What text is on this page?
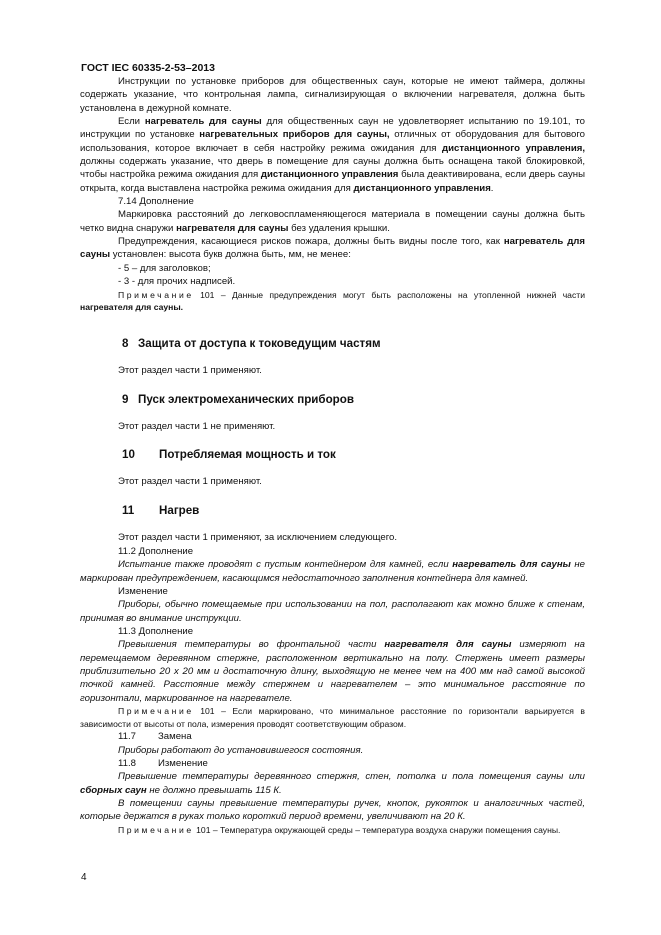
ГОСТ IEC 60335-2-53–2013

Инструкции по установке приборов для общественных саун, которые не имеют таймера, должны содержать указание, что контрольная лампа, сигнализирующая о включении нагревателя, должна быть установлена в дежурной комнате.

Если нагреватель для сауны для общественных саун не удовлетворяет испытанию по 19.101, то инструкции по установке нагревательных приборов для сауны, отличных от оборудования для бытового использования, которое включает в себя настройку режима ожидания для дистанционного управления, должны содержать указание, что дверь в помещение для сауны должна быть оснащена такой блокировкой, чтобы настройка режима ожидания для дистанционного управления была деактивирована, если дверь сауны открыта, когда выставлена настройка режима ожидания для дистанционного управления.

7.14 Дополнение

Маркировка расстояний до легковоспламеняющегося материала в помещении сауны должна быть четко видна снаружи нагревателя для сауны без удаления крышки.

Предупреждения, касающиеся рисков пожара, должны быть видны после того, как нагреватель для сауны установлен: высота букв должна быть, мм, не менее:

- 5 – для заголовков;

- 3 - для прочих надписей.

Примечание 101 – Данные предупреждения могут быть расположены на утопленной нижней части нагревателя для сауны.

8 Защита от доступа к токоведущим частям
Этот раздел части 1 применяют.
9 Пуск электромеханических приборов
Этот раздел части 1 не применяют.
10 Потребляемая мощность и ток
Этот раздел части 1 применяют.
11 Нагрев
Этот раздел части 1 применяют, за исключением следующего.

11.2 Дополнение

Испытание также проводят с пустым контейнером для камней, если нагреватель для сауны не маркирован предупреждением, касающимся недостаточного заполнения контейнера для камней.

Изменение

Приборы, обычно помещаемые при использовании на пол, располагают как можно ближе к стенам, принимая во внимание инструкции.

11.3 Дополнение

Превышения температуры во фронтальной части нагревателя для сауны измеряют на перемещаемом деревянном стержне, расположенном вертикально на полу. Стержень имеет размеры приблизительно 20 х 20 мм и достаточную длину, выходящую не менее чем на 400 мм над самой высокой точкой камней. Расстояние между стержнем и нагревателем – это минимальное расстояние по горизонтали, маркированное на нагревателе.

Примечание 101 – Если маркировано, что минимальное расстояние по горизонтали варьируется в зависимости от высоты от пола, измерения проводят соответствующим образом.

11.7 Замена

Приборы работают до установившегося состояния.

11.8 Изменение

Превышение температуры деревянного стержня, стен, потолка и пола помещения сауны или сборных саун не должно превышать 115 К.

В помещении сауны превышение температуры ручек, кнопок, рукояток и аналогичных частей, которые держатся в руках только короткий период времени, увеличивают на 20 К.

Примечание 101 – Температура окружающей среды – температура воздуха снаружи помещения сауны.

4
